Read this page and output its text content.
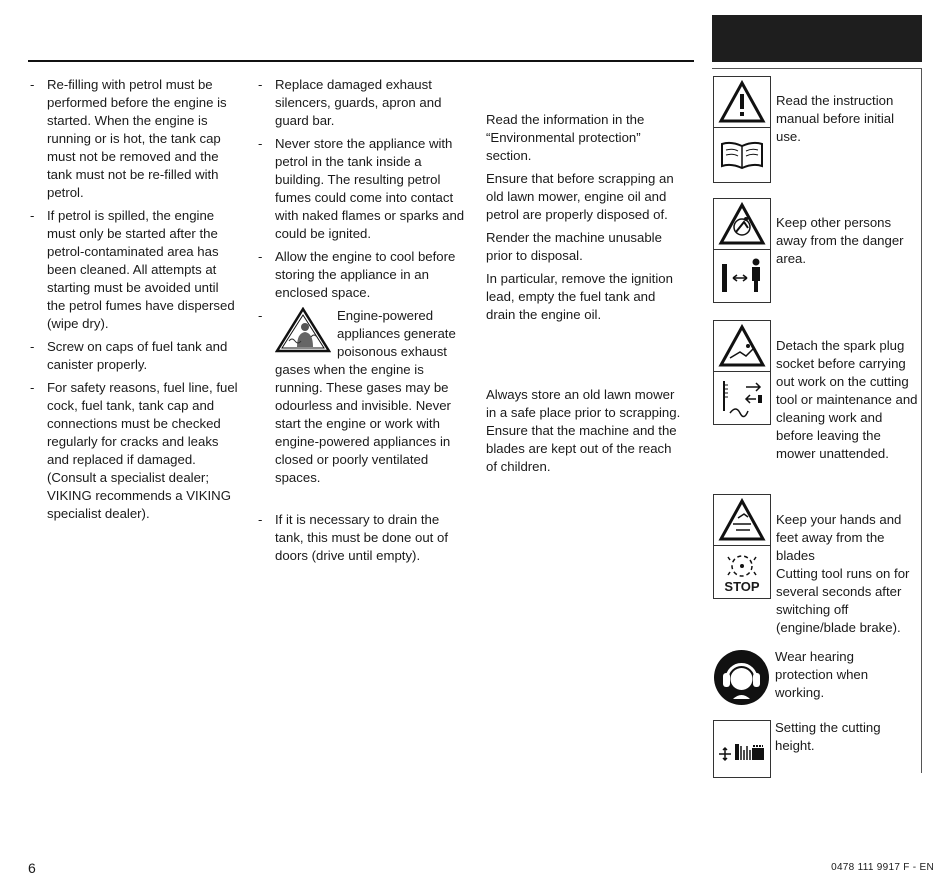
- Re-filling with petrol must be performed before the engine is started. When the engine is running or is hot, the tank cap must not be removed and the tank must not be re-filled with petrol.
- If petrol is spilled, the engine must only be started after the petrol-contaminated area has been cleaned. All attempts at starting must be avoided until the petrol fumes have dispersed (wipe dry).
- Screw on caps of fuel tank and canister properly.
- For safety reasons, fuel line, fuel cock, fuel tank, tank cap and connections must be checked regularly for cracks and leaks and replaced if damaged. (Consult a specialist dealer; VIKING recommends a VIKING specialist dealer).
- Replace damaged exhaust silencers, guards, apron and guard bar.
- Never store the appliance with petrol in the tank inside a building. The resulting petrol fumes could come into contact with naked flames or sparks and could be ignited.
- Allow the engine to cool before storing the appliance in an enclosed space.
-	Engine-powered appliances generate poisonous exhaust gases when the engine is running. These gases may be odourless and invisible. Never start the engine or work with engine-powered appliances in closed or poorly ventilated spaces.
- If it is necessary to drain the tank, this must be done out of doors (drive until empty).

Read the information in the “Environmental protection” section.

Ensure that before scrapping an old lawn mower, engine oil and petrol are properly disposed of.

Render the machine unusable prior to disposal.

In particular, remove the ignition lead, empty the fuel tank and drain the engine oil.

Always store an old lawn mower in a safe place prior to scrapping. Ensure that the machine and the blades are kept out of the reach of children.

Read the instruction manual before initial use.
Keep other persons away from the danger area.
Detach the spark plug socket before carrying out work on the cutting tool or maintenance and cleaning work and before leaving the mower unattended.
STOP
Keep your hands and feet away from the blades
Cutting tool runs on for several seconds after switching off (engine/blade brake).
Wear hearing protection when working.
Setting the cutting height.
6	0478 111 9917 F - EN
